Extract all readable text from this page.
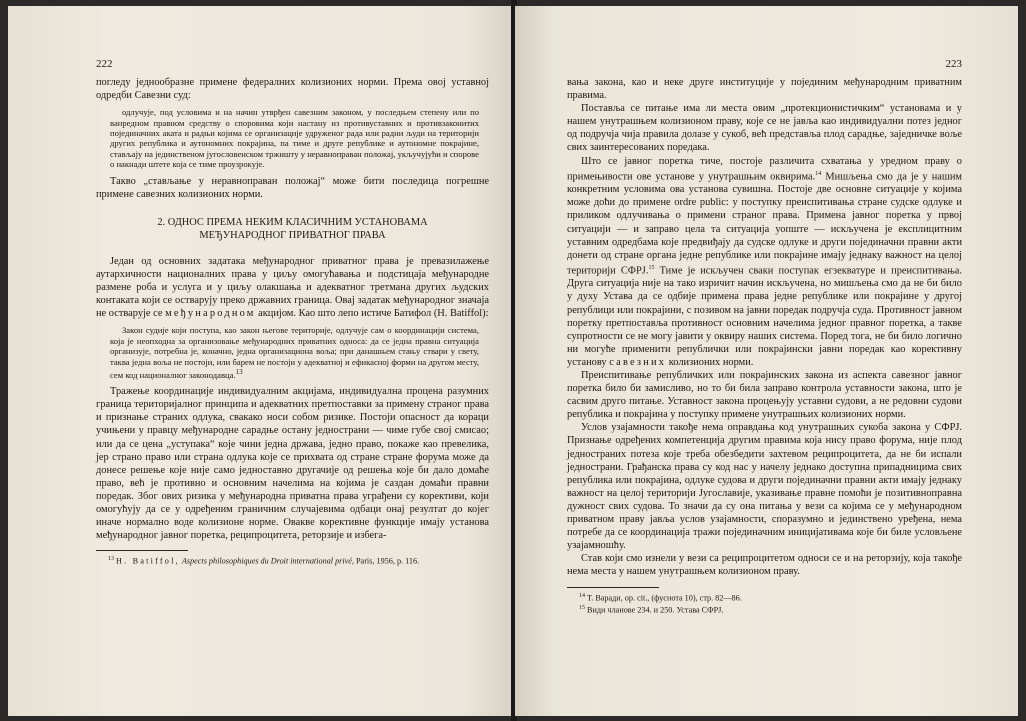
222

погледу једнообразне примене федералних колизионих норми. Према овој уставној одредби Савезни суд:

одлучује, под условима и на начин утврђен савезним законом, у последњем степену или по ванредном правном средству о споровима који настану из противуставних и противзаконитих појединачних аката и радњи којима се организације удруженог рада или радни људи на територији других република и аутономних покрајина, па тиме и друге републике и аутономне покрајине, стављају на јединственом југословенском тржишту у неравноправан положај, укључујући и спорове о накнади штете која се тиме проузрокује.

Такво „стављање у неравноправан положај“ може бити последица погрешне примене савезних колизионих норми.

2. ОДНОС ПРЕМА НЕКИМ КЛАСИЧНИМ УСТАНОВАМА
МЕЂУНАРОДНОГ ПРИВАТНОГ ПРАВА

Један од основних задатака међународног приватног права је превазилажење аутархичности националних права у циљу омогућавања и подстицаја међународне размене роба и услуга и у циљу олакшања и адекватног третмана других људских контаката који се остварују преко државних граница. Овај задатак међународног значаја не остварује се међународном акцијом. Као што лепо истиче Батифол (H. Batiffol):

Закон судије који поступа, као закон његове територије, одлучује сам о координацији система, која је неопходна за организовање међународних приватних односа: да се једна правна ситуација организује, потребна је, коначно, једна организациона воља; при данашњем стању ствари у свету, таква једна воља не постоји, или барем не постоји у адекватној и ефикасној форми на другом месту, сем код националног законодавца.$^{13}$

Тражење координације индивидуалним акцијама, индивидуална процена разумних граница територијалног принципа и адекватних претпоставки за примену страног права и признање страних одлука, свакако носи собом ризике. Постоји опасност да кораци учињени у правцу међународне сарадње остану једнострани — чиме губе свој смисао; или да се цена „уступака“ које чини једна држава, једно право, покаже као превелика, јер страно право или страна одлука које се прихвата од стране стране форума може да донесе решење које није само једноставно другачије од решења које би дало домаће право, већ је противно и основним начелима на којима је саздан домаћи правни поредак. Због ових ризика у међународна приватна права уграђени су корективи, који омогућују да се у одређеним граничним случајевима одбаци онај резултат до којег иначе нормално воде колизионе норме. Овакве корективне функције имају установа међународног јавног поретка, реципроцитета, реторзије и избега-

$^{13}$ H. Batiffol, Aspects philosophiques du Droit international privé, Paris, 1956, p. 116.

223

вања закона, као и неке друге институције у појединим међународним приватним правима.

Поставља се питање има ли места овим „протекционистичким“ установама и у нашем унутрашњем колизионом праву, које се не јавља као индивидуални потез једног од подручја чија правила долазе у сукоб, већ представља плод сарадње, заједничке воље свих заинтересованих поредака.

Што се јавног поретка тиче, постоје различита схватања у уредном праву о примењивости ове установе у унутрашњим оквирима.$^{14}$ Мишљења смо да је у нашим конкретним условима ова установа сувишна. Постоје две основне ситуације у којима може доћи до примене ordre public: у поступку преиспитивања стране судске одлуке и приликом одлучивања о примени страног права. Примена јавног поретка у првој ситуацији — и заправо цела та ситуација уопште — искључена је експлицитним уставним одредбама које предвиђају да судске одлуке и други појединачни правни акти донети од стране органа једне републике или покрајине имају једнаку важност на целој територији СФРЈ.$^{15}$ Тиме је искључен сваки поступак егзекватуре и преиспитивања. Друга ситуација није на тако изричит начин искључена, но мишљења смо да не би било у духу Устава да се одбије примена права једне републике или покрајине у другој републици или покрајини, с позивом на јавни поредак подручја суда. Противност јавном поретку претпоставља противност основним начелима једног правног поретка, а такве супротности се не могу јавити у оквиру наших система. Поред тога, не би било логично ни могуће применити републички или покрајински јавни поредак као корективну установу савезних колизионих норми.

Преиспитивање републичких или покрајинских закона из аспекта савезног јавног поретка било би замисливо, но то би била заправо контрола уставности закона, што је сасвим друго питање. Уставност закона процењују уставни судови, а не редовни судови република и покрајина у поступку примене унутрашњих колизионих норми.

Услов узајамности такође нема оправдања код унутрашњих сукоба закона у СФРЈ. Признање одређених компетенција другим правима која нису право форума, није плод једностраних потеза које треба обезбедити захтевом реципроцитета, да не би испали једнострани. Грађанска права су код нас у начелу једнако доступна припадницима свих република или покрајина, одлуке судова и други појединачни правни акти имају једнаку важност на целој територији Југославије, указивање правне помоћи је позитивноправна дужност свих судова. То значи да су она питања у вези са којима се у међународном приватном праву јавља услов узајамности, споразумно и јединствено уређена, нема потребе да се координација тражи појединачним иницијативама које би биле условљене узајамношћу.

Став који смо изнели у вези са реципроцитетом односи се и на реторзију, која такође нема места у нашем унутрашњем колизионом праву.

$^{14}$ Т. Варади, op. cit., (фуснота 10), стр. 82—86.

$^{15}$ Види чланове 234. и 250. Устава СФРЈ.
